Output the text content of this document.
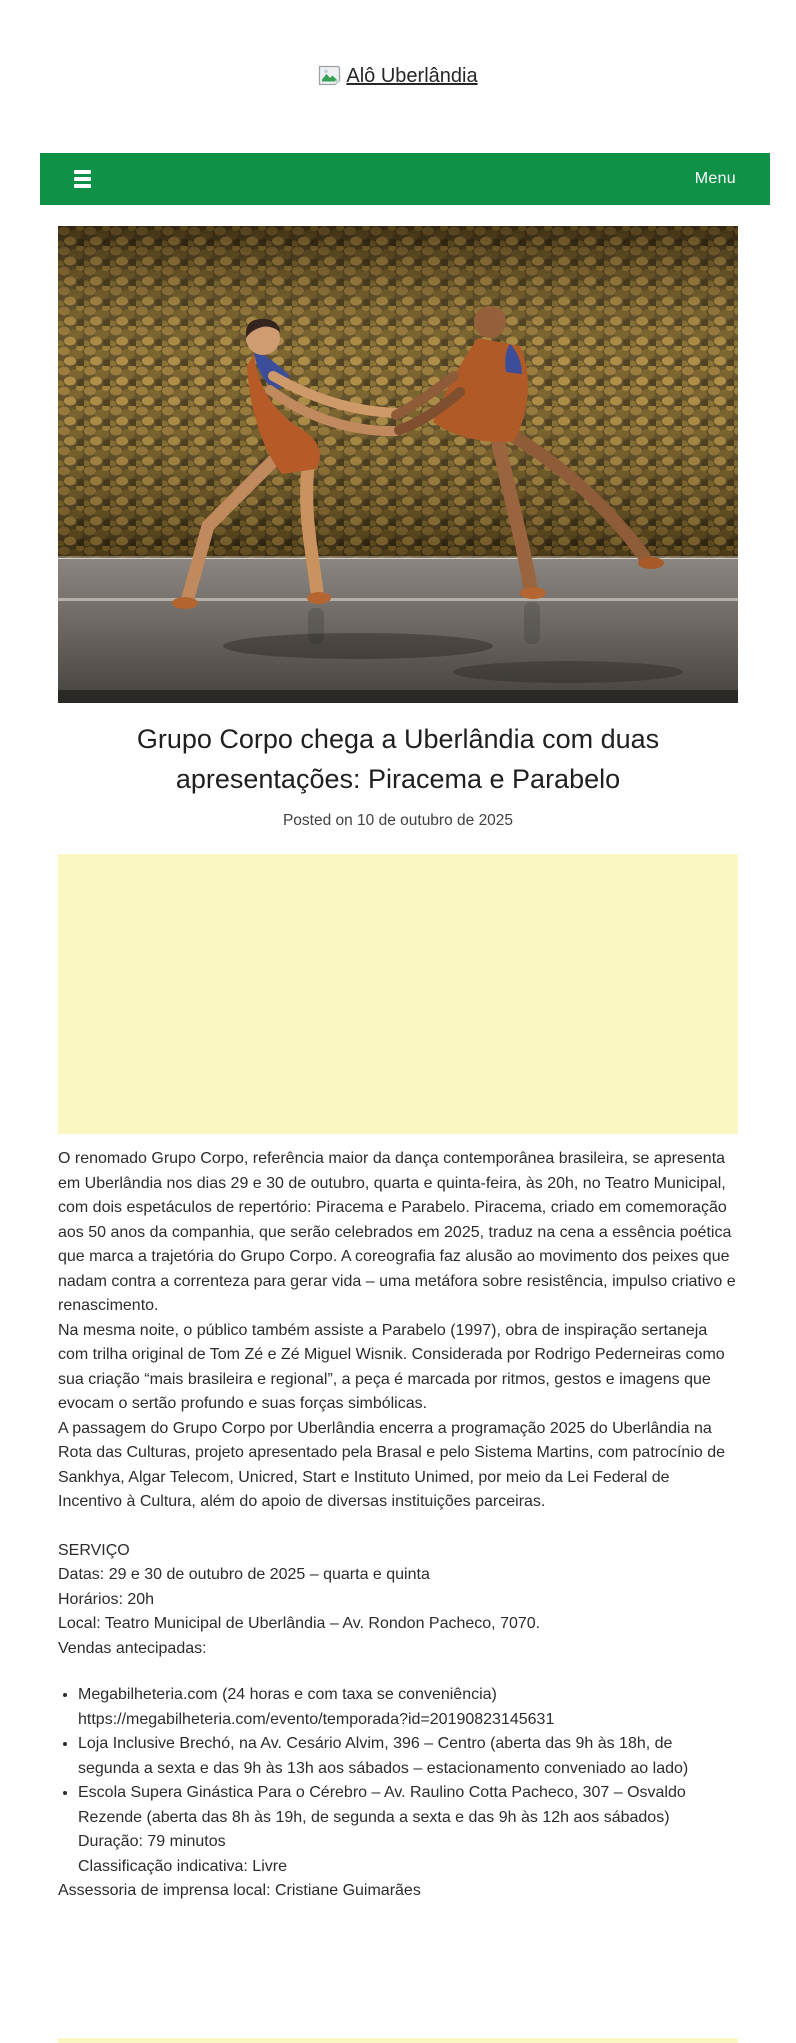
Alô Uberlândia
Menu
Grupo Corpo chega a Uberlândia com duas apresentações: Piracema e Parabelo

Posted on 10 de outubro de 2025

O renomado Grupo Corpo, referência maior da dança contemporânea brasileira, se apresenta em Uberlândia nos dias 29 e 30 de outubro, quarta e quinta-feira, às 20h, no Teatro Municipal, com dois espetáculos de repertório: Piracema e Parabelo. Piracema, criado em comemoração aos 50 anos da companhia, que serão celebrados em 2025, traduz na cena a essência poética que marca a trajetória do Grupo Corpo. A coreografia faz alusão ao movimento dos peixes que nadam contra a correnteza para gerar vida – uma metáfora sobre resistência, impulso criativo e renascimento.

Na mesma noite, o público também assiste a Parabelo (1997), obra de inspiração sertaneja com trilha original de Tom Zé e Zé Miguel Wisnik. Considerada por Rodrigo Pederneiras como sua criação “mais brasileira e regional”, a peça é marcada por ritmos, gestos e imagens que evocam o sertão profundo e suas forças simbólicas.

A passagem do Grupo Corpo por Uberlândia encerra a programação 2025 do Uberlândia na Rota das Culturas, projeto apresentado pela Brasal e pelo Sistema Martins, com patrocínio de Sankhya, Algar Telecom, Unicred, Start e Instituto Unimed, por meio da Lei Federal de Incentivo à Cultura, além do apoio de diversas instituições parceiras.

SERVIÇO

Datas: 29 e 30 de outubro de 2025 – quarta e quinta

Horários: 20h

Local: Teatro Municipal de Uberlândia – Av. Rondon Pacheco, 7070.

Vendas antecipadas:

• Megabilheteria.com (24 horas e com taxa se conveniência)
https://megabilheteria.com/evento/temporada?id=20190823145631
• Loja Inclusive Brechó, na Av. Cesário Alvim, 396 – Centro (aberta das 9h às 18h, de segunda a sexta e das 9h às 13h aos sábados – estacionamento conveniado ao lado)
• Escola Supera Ginástica Para o Cérebro – Av. Raulino Cotta Pacheco, 307 – Osvaldo Rezende (aberta das 8h às 19h, de segunda a sexta e das 9h às 12h aos sábados)
Duração: 79 minutos
Classificação indicativa: Livre

Assessoria de imprensa local: Cristiane Guimarães
